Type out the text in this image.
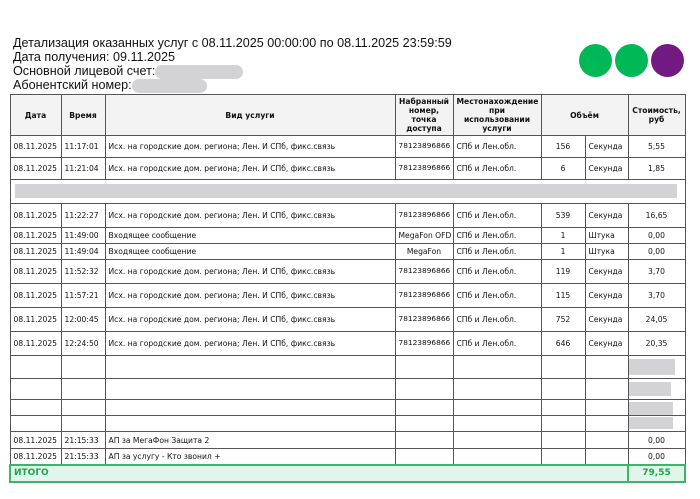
Детализация оказанных услуг с 08.11.2025 00:00:00 по 08.11.2025 23:59:59
Дата получения: 09.11.2025
Основной лицевой счет:
Абонентский номер:
Дата	Время	Вид услуги	Набранный номер, точка доступа	Местонахождение при использовании услуги	Объём		Стоимость, руб
08.11.2025	11:17:01	Исх. на городские дом. региона; Лен. И СПб, фикс.связь	78123896866	СПб и Лен.обл.	156	Секунда	5,55
08.11.2025	11:21:04	Исх. на городские дом. региона; Лен. И СПб, фикс.связь	78123896866	СПб и Лен.обл.	6	Секунда	1,85

08.11.2025	11:22:27	Исх. на городские дом. региона; Лен. И СПб, фикс.связь	78123896866	СПб и Лен.обл.	539	Секунда	16,65
08.11.2025	11:49:00	Входящее сообщение	MegaFon OFD	СПб и Лен.обл.	1	Штука	0,00
08.11.2025	11:49:04	Входящее сообщение	MegaFon	СПб и Лен.обл.	1	Штука	0,00
08.11.2025	11:52:32	Исх. на городские дом. региона; Лен. И СПб, фикс.связь	78123896866	СПб и Лен.обл.	119	Секунда	3,70
08.11.2025	11:57:21	Исх. на городские дом. региона; Лен. И СПб, фикс.связь	78123896866	СПб и Лен.обл.	115	Секунда	3,70
08.11.2025	12:00:45	Исх. на городские дом. региона; Лен. И СПб, фикс.связь	78123896866	СПб и Лен.обл.	752	Секунда	24,05
08.11.2025	12:24:50	Исх. на городские дом. региона; Лен. И СПб, фикс.связь	78123896866	СПб и Лен.обл.	646	Секунда	20,35

08.11.2025	21:15:33	АП за МегаФон Защита 2					0,00
08.11.2025	21:15:33	АП за услугу - Кто звонил +					0,00
ИТОГО							79,55
